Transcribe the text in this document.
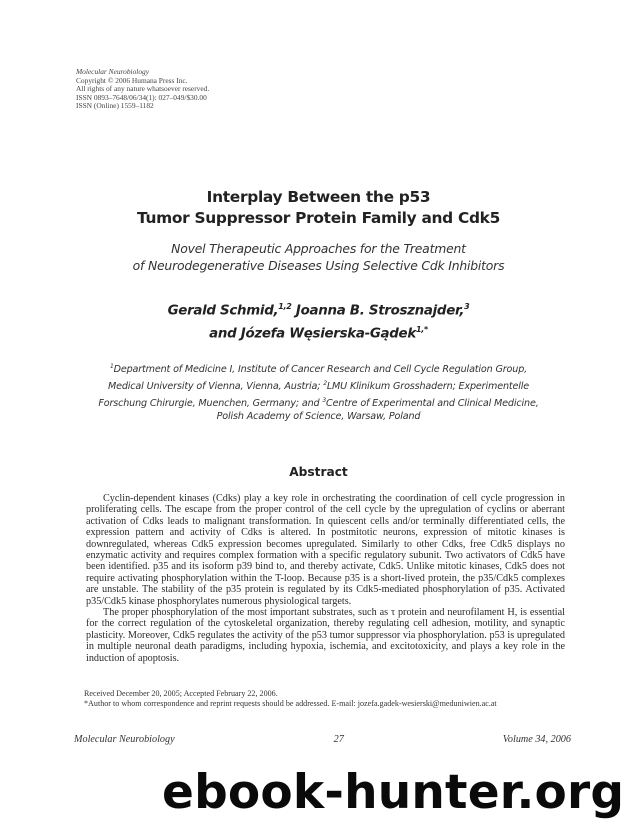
Molecular Neurobiology
Copyright © 2006 Humana Press Inc.
All rights of any nature whatsoever reserved.
ISSN 0893–7648/06/34(1): 027–049/$30.00
ISSN (Online) 1559–1182
Interplay Between the p53
Tumor Suppressor Protein Family and Cdk5
Novel Therapeutic Approaches for the Treatment
of Neurodegenerative Diseases Using Selective Cdk Inhibitors
Gerald Schmid,$^{1,2}$ Joanna B. Strosznajder,$^3$
and Józefa Węsierska-Gądek$^{1,*}$
$^1$Department of Medicine I, Institute of Cancer Research and Cell Cycle Regulation Group,
Medical University of Vienna, Vienna, Austria; $^2$LMU Klinikum Grosshadern; Experimentelle
Forschung Chirurgie, Muenchen, Germany; and $^3$Centre of Experimental and Clinical Medicine,
Polish Academy of Science, Warsaw, Poland
Abstract

Cyclin-dependent kinases (Cdks) play a key role in orchestrating the coordination of cell cycle progression in proliferating cells. The escape from the proper control of the cell cycle by the upregulation of cyclins or aberrant activation of Cdks leads to malignant transformation. In quiescent cells and/or terminally differentiated cells, the expression pattern and activity of Cdks is altered. In postmitotic neurons, expression of mitotic kinases is downregulated, whereas Cdk5 expression becomes upregulated. Similarly to other Cdks, free Cdk5 displays no enzymatic activity and requires complex formation with a specific regulatory subunit. Two activators of Cdk5 have been identified. p35 and its isoform p39 bind to, and thereby activate, Cdk5. Unlike mitotic kinases, Cdk5 does not require activating phosphorylation within the T-loop. Because p35 is a short-lived protein, the p35/Cdk5 complexes are unstable. The stability of the p35 protein is regulated by its Cdk5-mediated phosphorylation of p35. Activated p35/Cdk5 kinase phosphorylates numerous physiological targets.

The proper phosphorylation of the most important substrates, such as τ protein and neurofilament H, is essential for the correct regulation of the cytoskeletal organization, thereby regulating cell adhesion, motility, and synaptic plasticity. Moreover, Cdk5 regulates the activity of the p53 tumor suppressor via phosphorylation. p53 is upregulated in multiple neuronal death paradigms, including hypoxia, ischemia, and excitotoxicity, and plays a key role in the induction of apoptosis.

Received December 20, 2005; Accepted February 22, 2006.

*Author to whom correspondence and reprint requests should be addressed. E-mail: jozefa.gadek-wesierski@meduniwien.ac.at

Molecular Neurobiology	27	Volume 34, 2006
ebook-hunter.org
